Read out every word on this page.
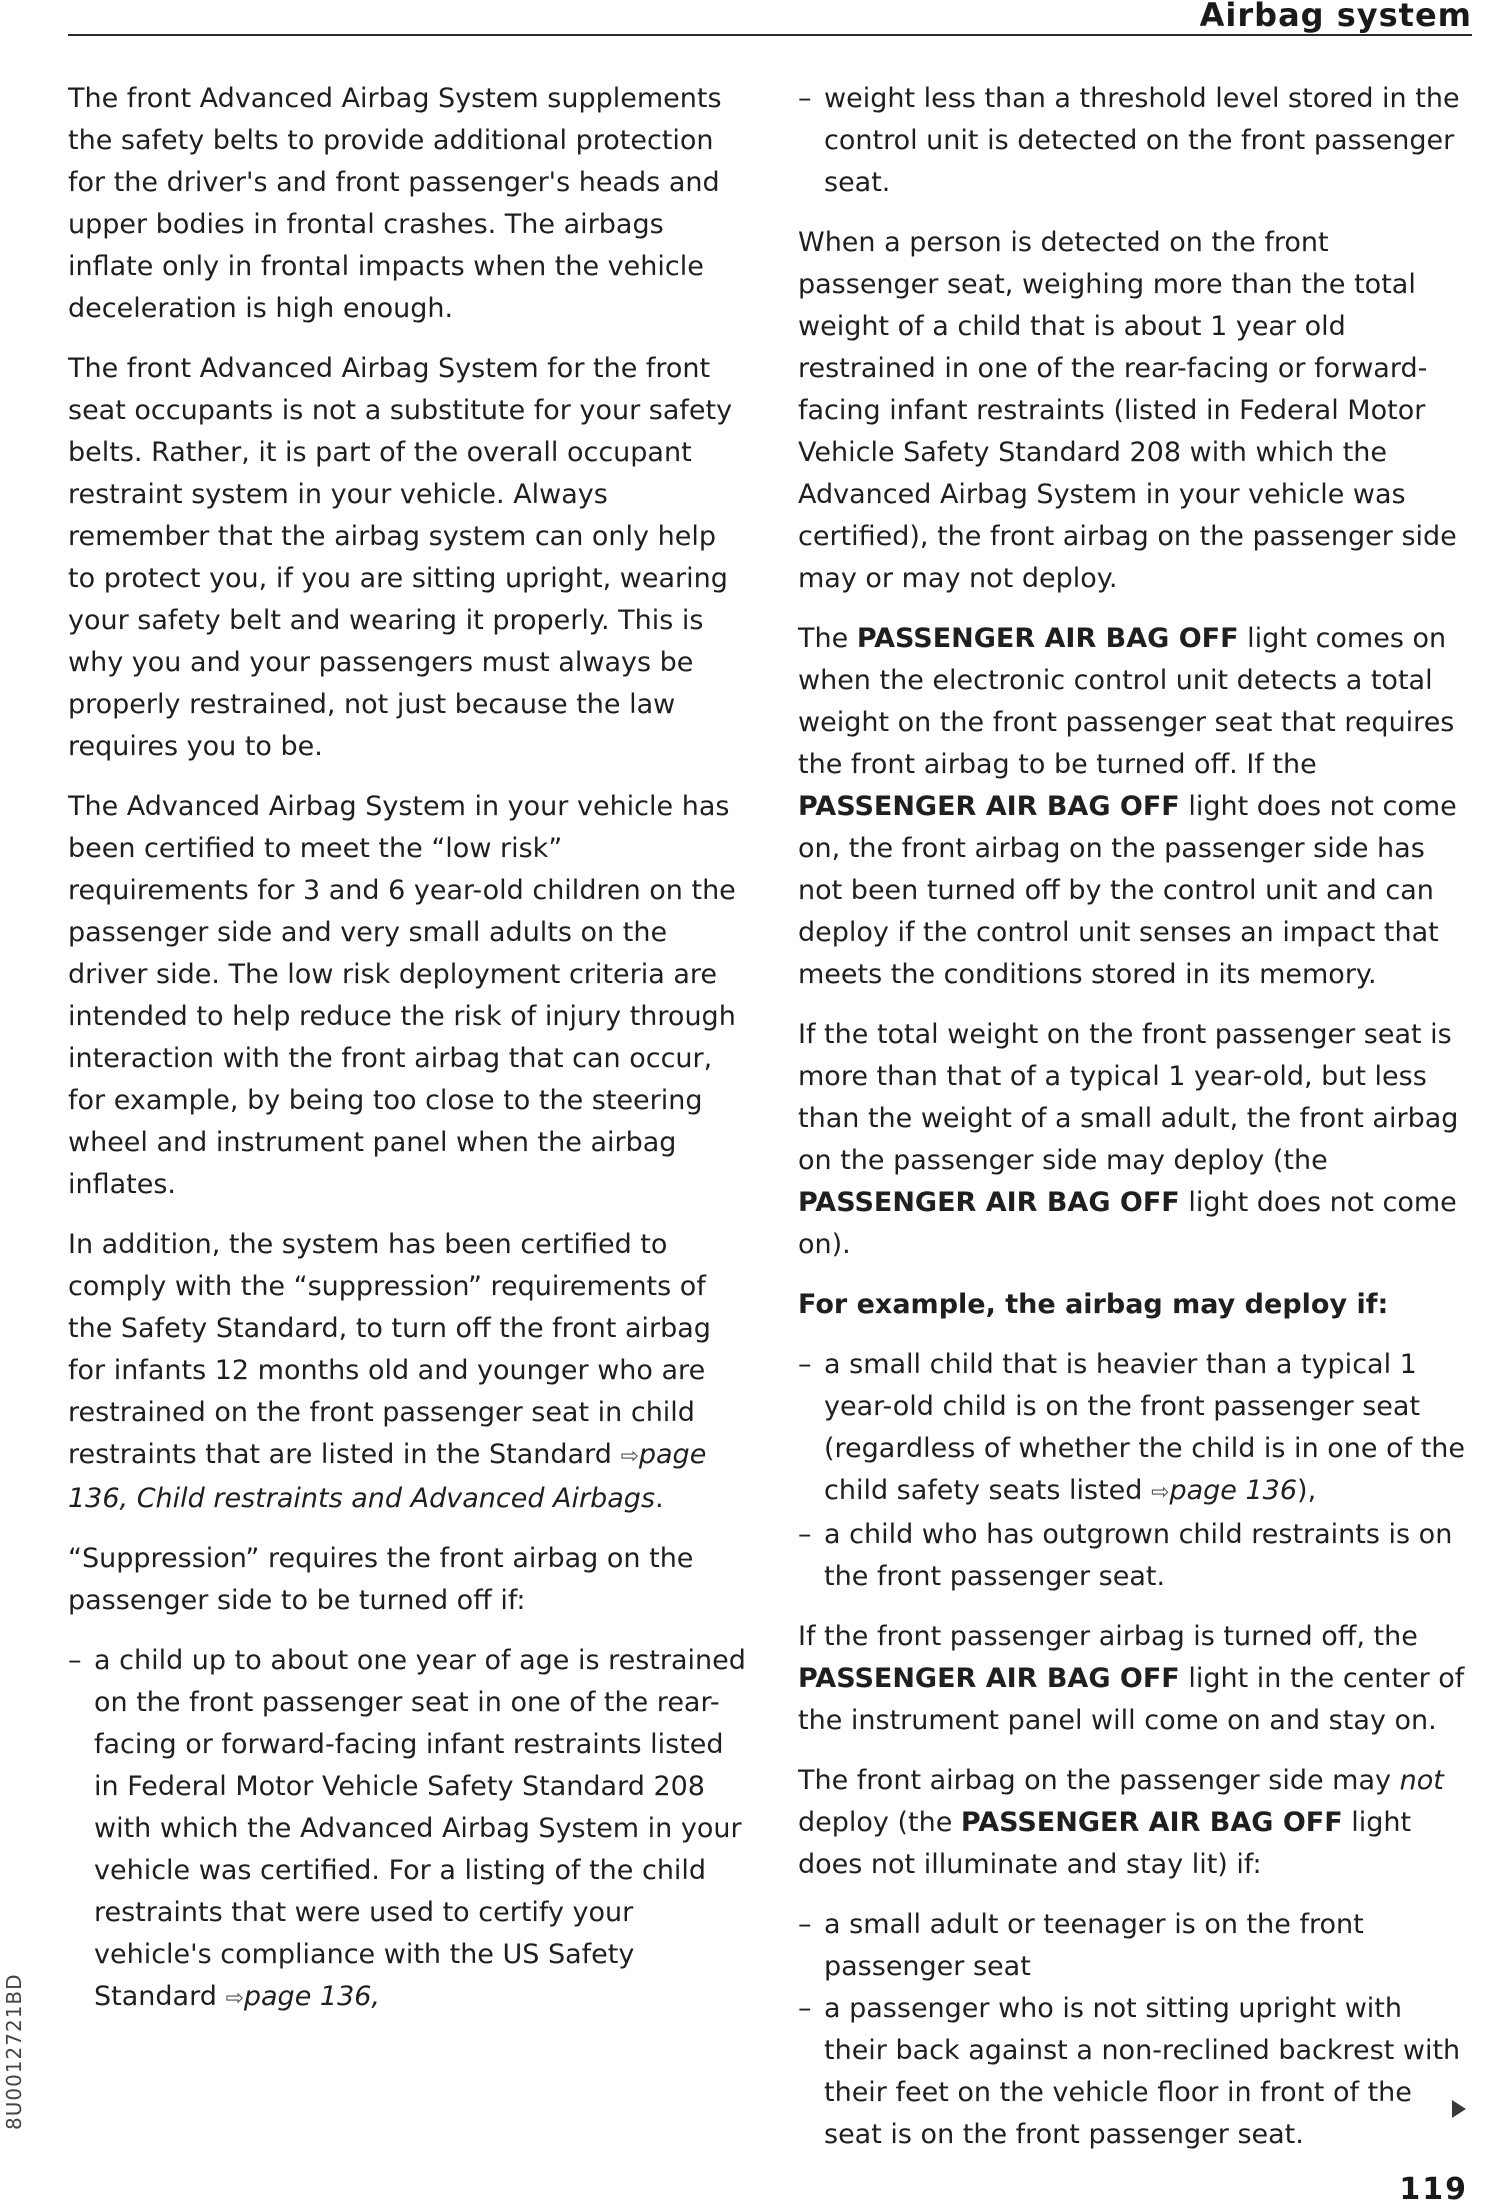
Airbag system

The front Advanced Airbag System supplements the safety belts to provide additional protection for the driver's and front passenger's heads and upper bodies in frontal crashes. The airbags inflate only in frontal impacts when the vehicle deceleration is high enough.

The front Advanced Airbag System for the front seat occupants is not a substitute for your safety belts. Rather, it is part of the overall occupant restraint system in your vehicle. Always remember that the airbag system can only help to protect you, if you are sitting upright, wearing your safety belt and wearing it properly. This is why you and your passengers must always be properly restrained, not just because the law requires you to be.

The Advanced Airbag System in your vehicle has been certified to meet the “low risk” requirements for 3 and 6 year-old children on the passenger side and very small adults on the driver side. The low risk deployment criteria are intended to help reduce the risk of injury through interaction with the front airbag that can occur, for example, by being too close to the steering wheel and instrument panel when the airbag inflates.

In addition, the system has been certified to comply with the “suppression” requirements of the Safety Standard, to turn off the front airbag for infants 12 months old and younger who are restrained on the front passenger seat in child restraints that are listed in the Standard ⇨page 136, Child restraints and Advanced Airbags.

“Suppression” requires the front airbag on the passenger side to be turned off if:

– a child up to about one year of age is restrained on the front passenger seat in one of the rear-facing or forward-facing infant restraints listed in Federal Motor Vehicle Safety Standard 208 with which the Advanced Airbag System in your vehicle was certified. For a listing of the child restraints that were used to certify your vehicle's compliance with the US Safety Standard ⇨page 136,
– weight less than a threshold level stored in the control unit is detected on the front passenger seat.

When a person is detected on the front passenger seat, weighing more than the total weight of a child that is about 1 year old restrained in one of the rear-facing or forward-facing infant restraints (listed in Federal Motor Vehicle Safety Standard 208 with which the Advanced Airbag System in your vehicle was certified), the front airbag on the passenger side may or may not deploy.

The PASSENGER AIR BAG OFF light comes on when the electronic control unit detects a total weight on the front passenger seat that requires the front airbag to be turned off. If the PASSENGER AIR BAG OFF light does not come on, the front airbag on the passenger side has not been turned off by the control unit and can deploy if the control unit senses an impact that meets the conditions stored in its memory.

If the total weight on the front passenger seat is more than that of a typical 1 year-old, but less than the weight of a small adult, the front airbag on the passenger side may deploy (the PASSENGER AIR BAG OFF light does not come on).

For example, the airbag may deploy if:

– a small child that is heavier than a typical 1 year-old child is on the front passenger seat (regardless of whether the child is in one of the child safety seats listed ⇨page 136),
– a child who has outgrown child restraints is on the front passenger seat.

If the front passenger airbag is turned off, the PASSENGER AIR BAG OFF light in the center of the instrument panel will come on and stay on.

The front airbag on the passenger side may not deploy (the PASSENGER AIR BAG OFF light does not illuminate and stay lit) if:

– a small adult or teenager is on the front passenger seat
– a passenger who is not sitting upright with their back against a non-reclined backrest with their feet on the vehicle floor in front of the seat is on the front passenger seat.
119
8U0012721BD
